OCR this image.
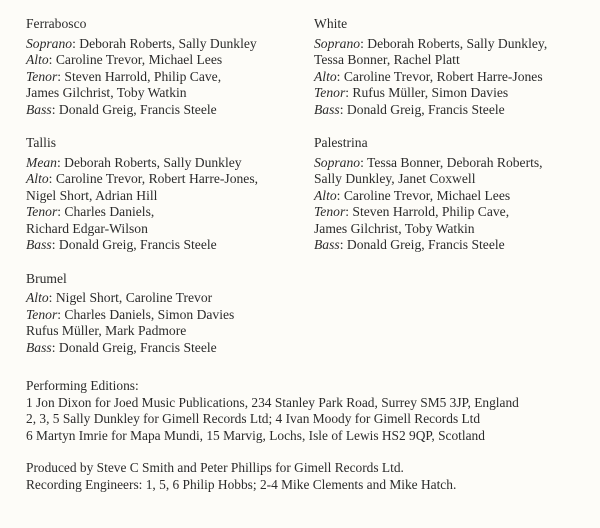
Ferrabosco
Soprano: Deborah Roberts, Sally Dunkley
Alto: Caroline Trevor, Michael Lees
Tenor: Steven Harrold, Philip Cave,
James Gilchrist, Toby Watkin
Bass: Donald Greig, Francis Steele
Tallis
Mean: Deborah Roberts, Sally Dunkley
Alto: Caroline Trevor, Robert Harre-Jones,
Nigel Short, Adrian Hill
Tenor: Charles Daniels,
Richard Edgar-Wilson
Bass: Donald Greig, Francis Steele
Brumel
Alto: Nigel Short, Caroline Trevor
Tenor: Charles Daniels, Simon Davies
Rufus Müller, Mark Padmore
Bass: Donald Greig, Francis Steele
White
Soprano: Deborah Roberts, Sally Dunkley,
Tessa Bonner, Rachel Platt
Alto: Caroline Trevor, Robert Harre-Jones
Tenor: Rufus Müller, Simon Davies
Bass: Donald Greig, Francis Steele
Palestrina
Soprano: Tessa Bonner, Deborah Roberts,
Sally Dunkley, Janet Coxwell
Alto: Caroline Trevor, Michael Lees
Tenor: Steven Harrold, Philip Cave,
James Gilchrist, Toby Watkin
Bass: Donald Greig, Francis Steele
Performing Editions:
1 Jon Dixon for Joed Music Publications, 234 Stanley Park Road, Surrey SM5 3JP, England
2, 3, 5 Sally Dunkley for Gimell Records Ltd; 4 Ivan Moody for Gimell Records Ltd
6 Martyn Imrie for Mapa Mundi, 15 Marvig, Lochs, Isle of Lewis HS2 9QP, Scotland
Produced by Steve C Smith and Peter Phillips for Gimell Records Ltd.
Recording Engineers: 1, 5, 6 Philip Hobbs; 2-4 Mike Clements and Mike Hatch.
